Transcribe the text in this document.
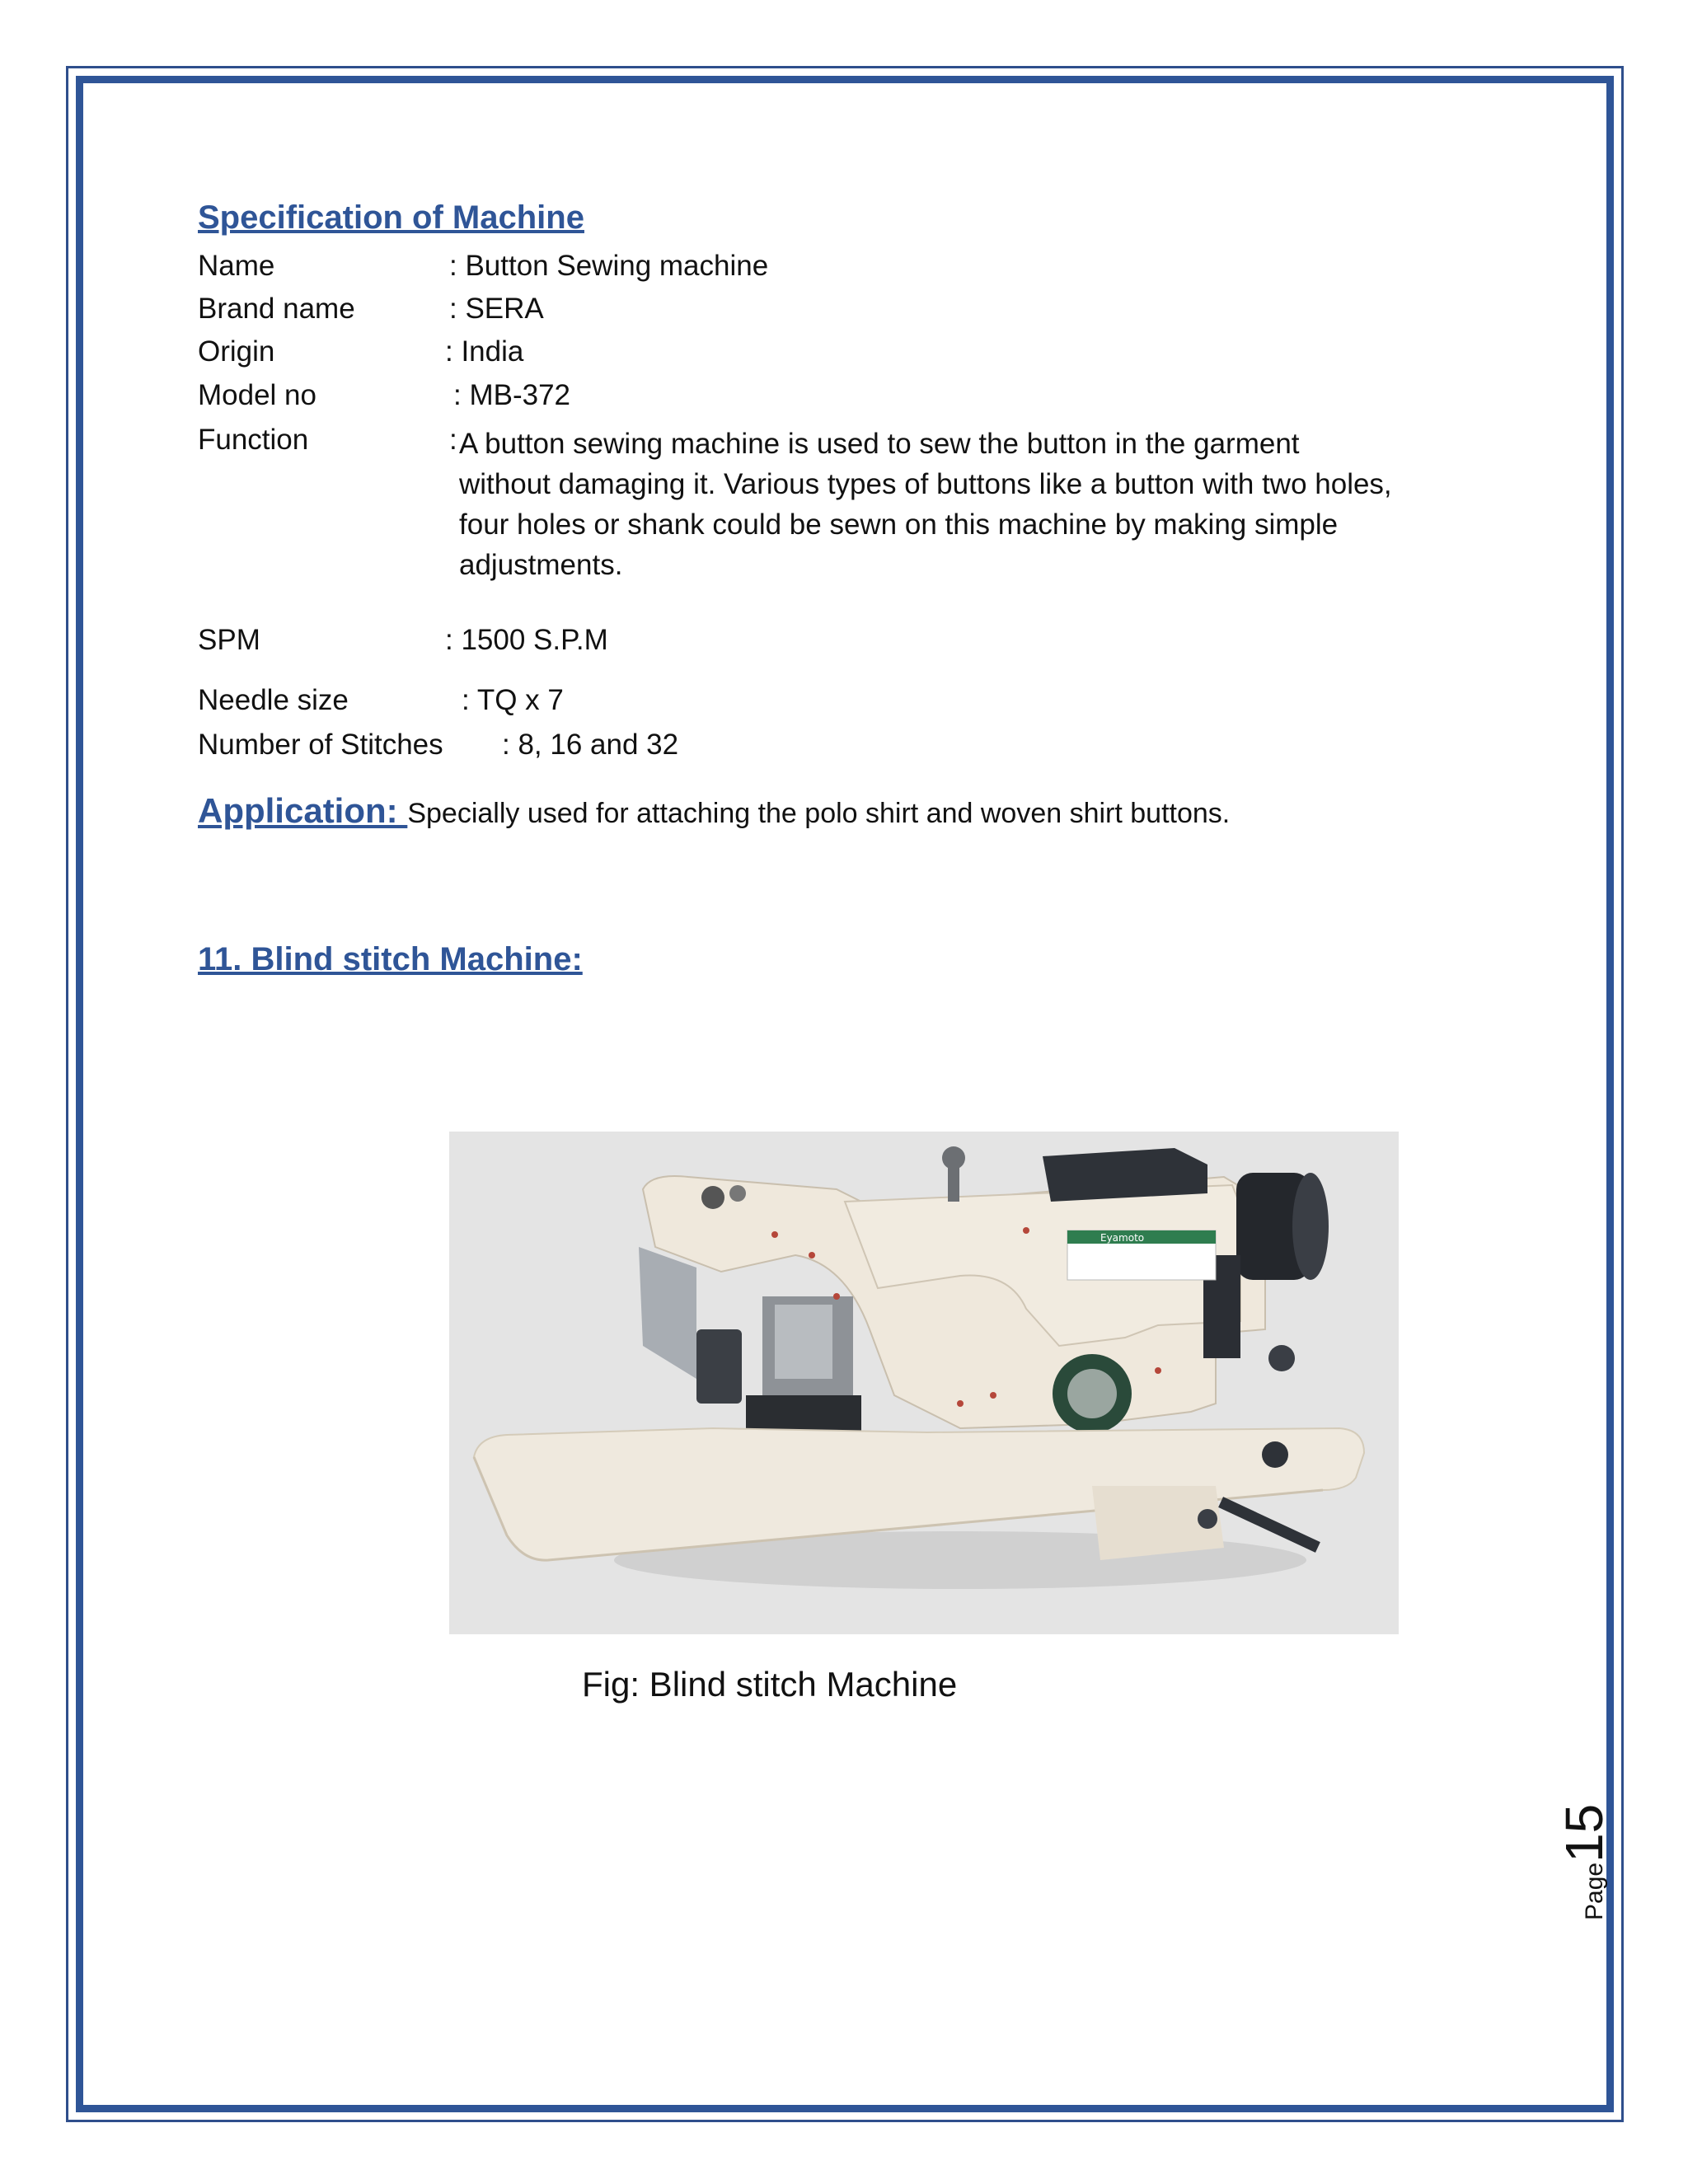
Specification of Machine
Name	: Button Sewing machine
Brand name	: SERA
Origin	: India
Model no	: MB-372
Function	: A button sewing machine is used to sew the button in the garment without damaging it. Various types of buttons like a button with two holes, four holes or shank could be sewn on this machine by making simple adjustments.
SPM	: 1500 S.P.M
Needle size	: TQ x 7
Number of Stitches : 8, 16 and 32
Application: Specially used for attaching the polo shirt and woven shirt buttons.
11. Blind stitch Machine:
Eyamoto
Fig: Blind stitch Machine
Page15
